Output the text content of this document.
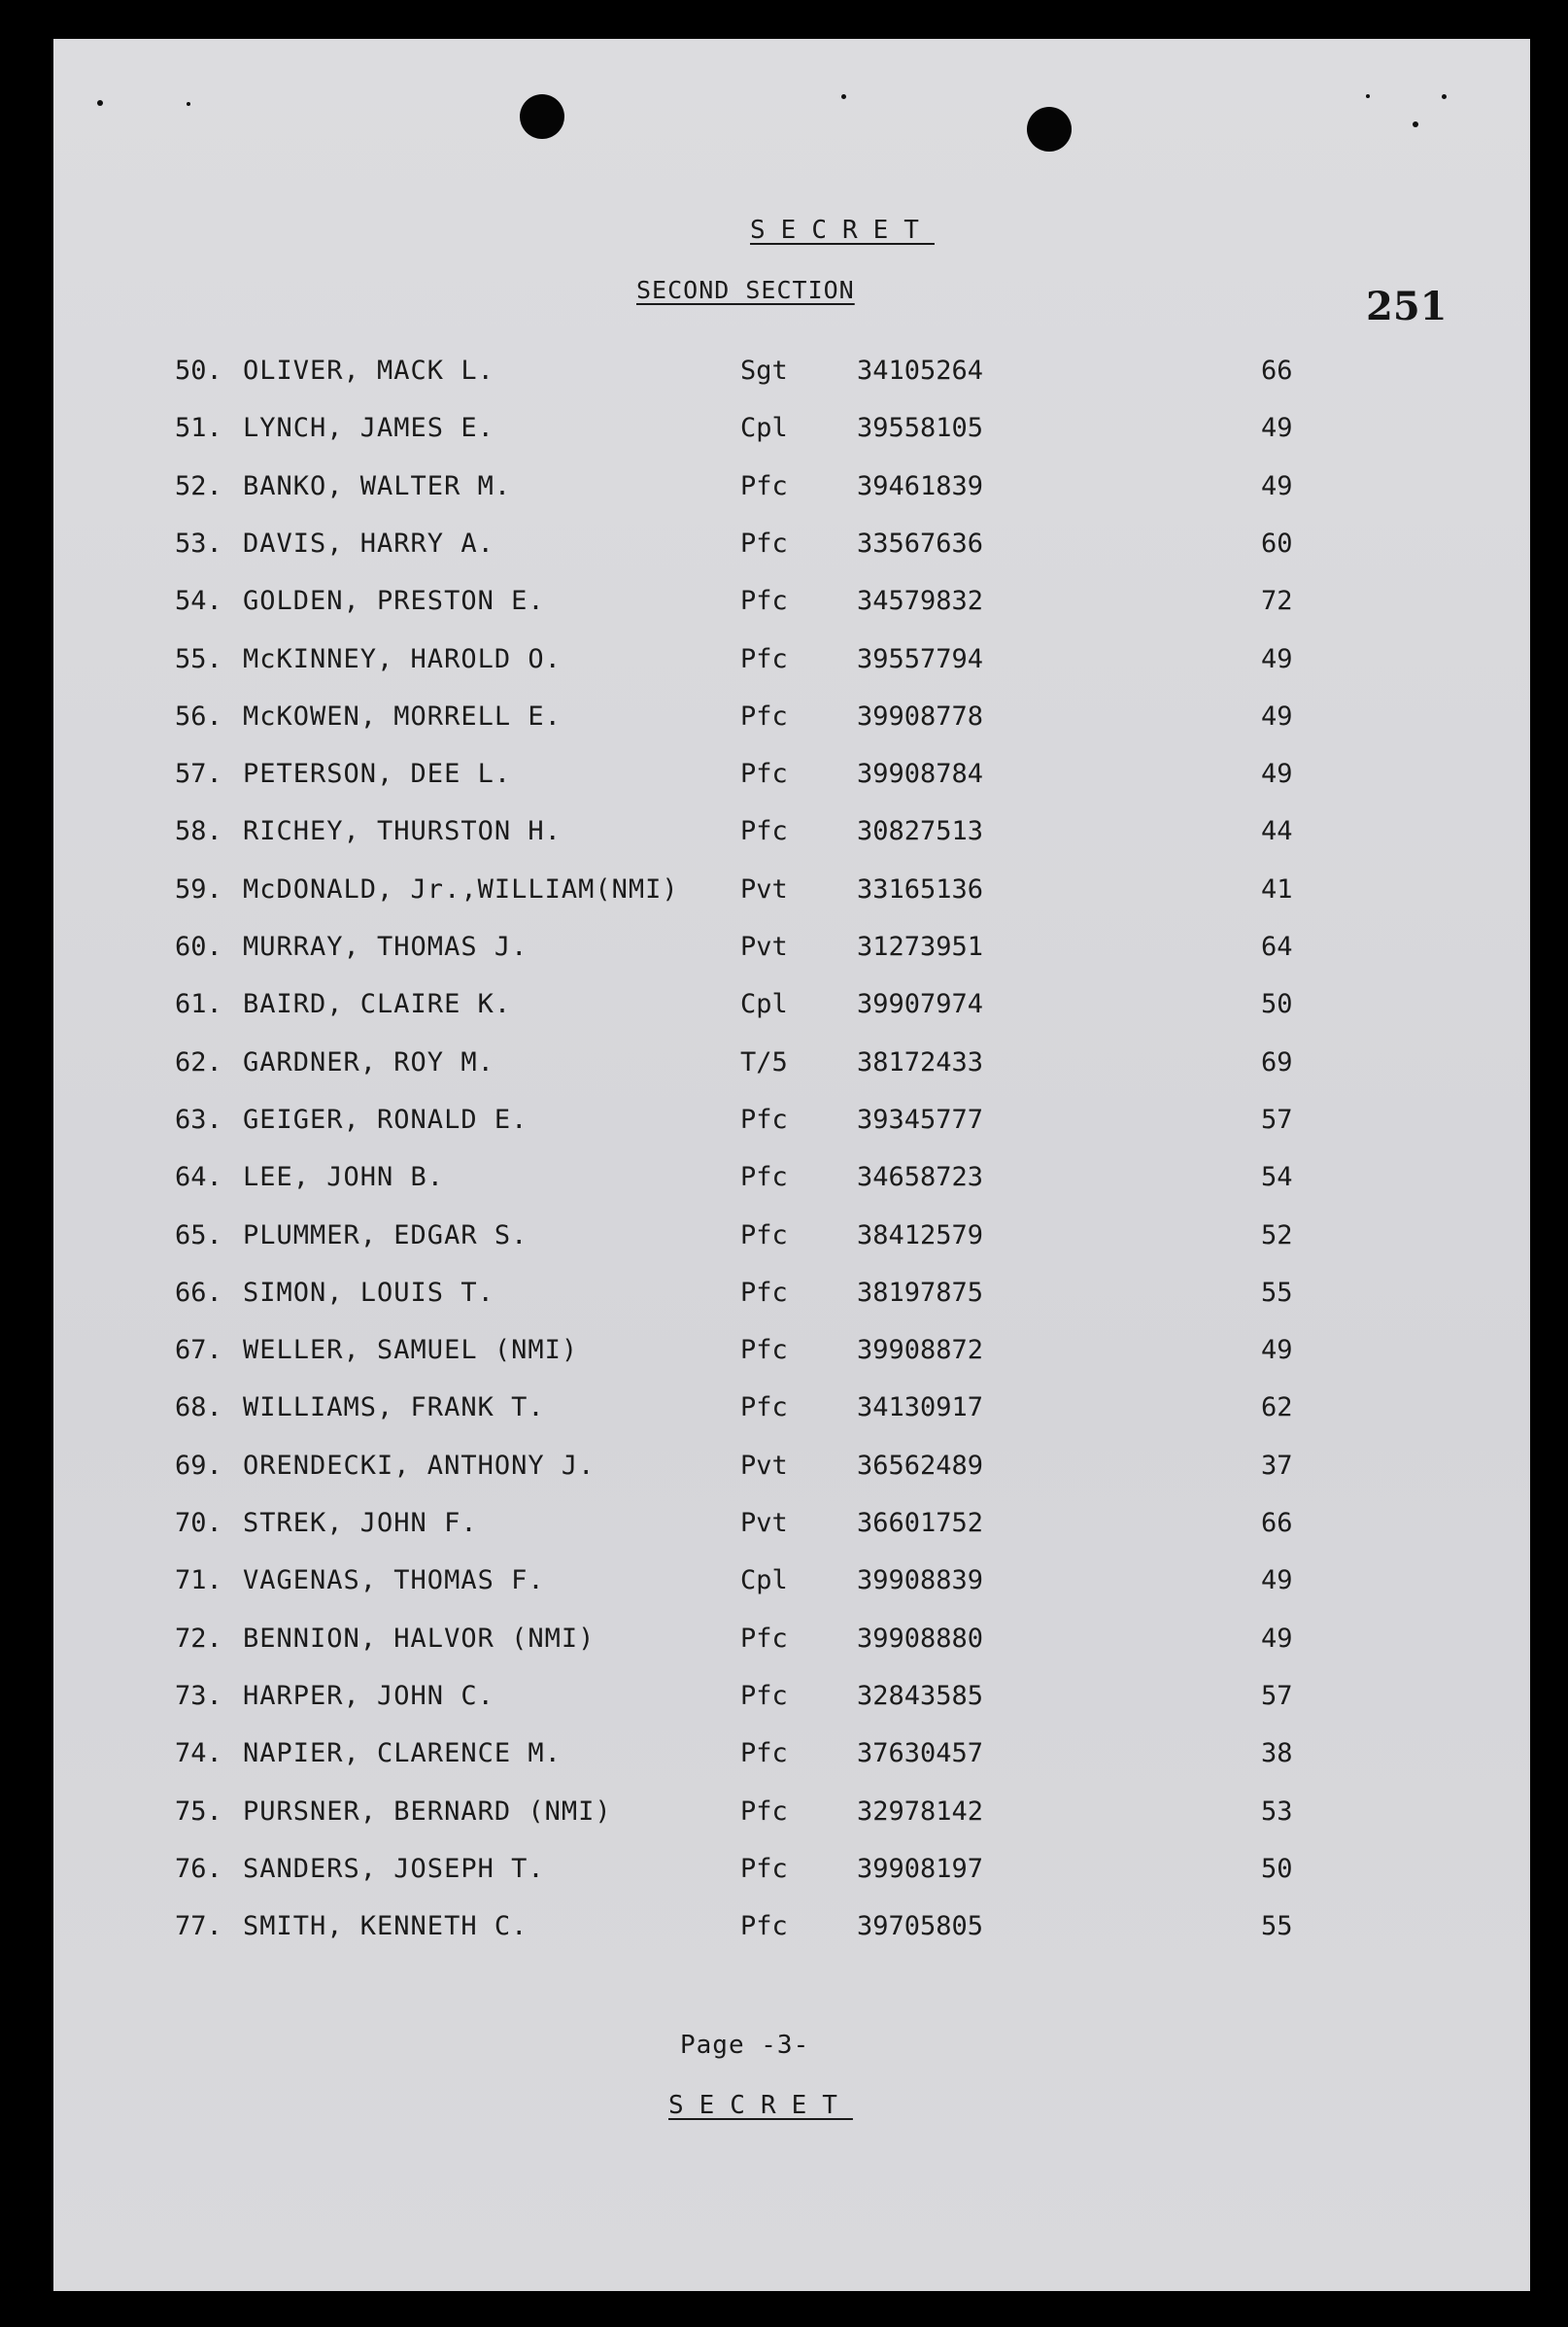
SECRET
SECOND SECTION	251
50. OLIVER, MACK L.	Sgt	34105264	66
51. LYNCH, JAMES E.	Cpl	39558105	49
52. BANKO, WALTER M.	Pfc	39461839	49
53. DAVIS, HARRY A.	Pfc	33567636	60
54. GOLDEN, PRESTON E.	Pfc	34579832	72
55. McKINNEY, HAROLD O.	Pfc	39557794	49
56. McKOWEN, MORRELL E.	Pfc	39908778	49
57. PETERSON, DEE L.	Pfc	39908784	49
58. RICHEY, THURSTON H.	Pfc	30827513	44
59. McDONALD, Jr.,WILLIAM(NMI) Pvt	33165136	41
60. MURRAY, THOMAS J.	Pvt	31273951	64
61. BAIRD, CLAIRE K.	Cpl	39907974	50
62. GARDNER, ROY M.	T/5	38172433	69
63. GEIGER, RONALD E.	Pfc	39345777	57
64. LEE, JOHN B.	Pfc	34658723	54
65. PLUMMER, EDGAR S.	Pfc	38412579	52
66. SIMON, LOUIS T.	Pfc	38197875	55
67. WELLER, SAMUEL (NMI)	Pfc	39908872	49
68. WILLIAMS, FRANK T.	Pfc	34130917	62
69. ORENDECKI, ANTHONY J.	Pvt	36562489	37
70. STREK, JOHN F.	Pvt	36601752	66
71. VAGENAS, THOMAS F.	Cpl	39908839	49
72. BENNION, HALVOR (NMI)	Pfc	39908880	49
73. HARPER, JOHN C.	Pfc	32843585	57
74. NAPIER, CLARENCE M.	Pfc	37630457	38
75. PURSNER, BERNARD (NMI)	Pfc	32978142	53
76. SANDERS, JOSEPH T.	Pfc	39908197	50
77. SMITH, KENNETH C.	Pfc	39705805	55
Page -3-
SECRET
